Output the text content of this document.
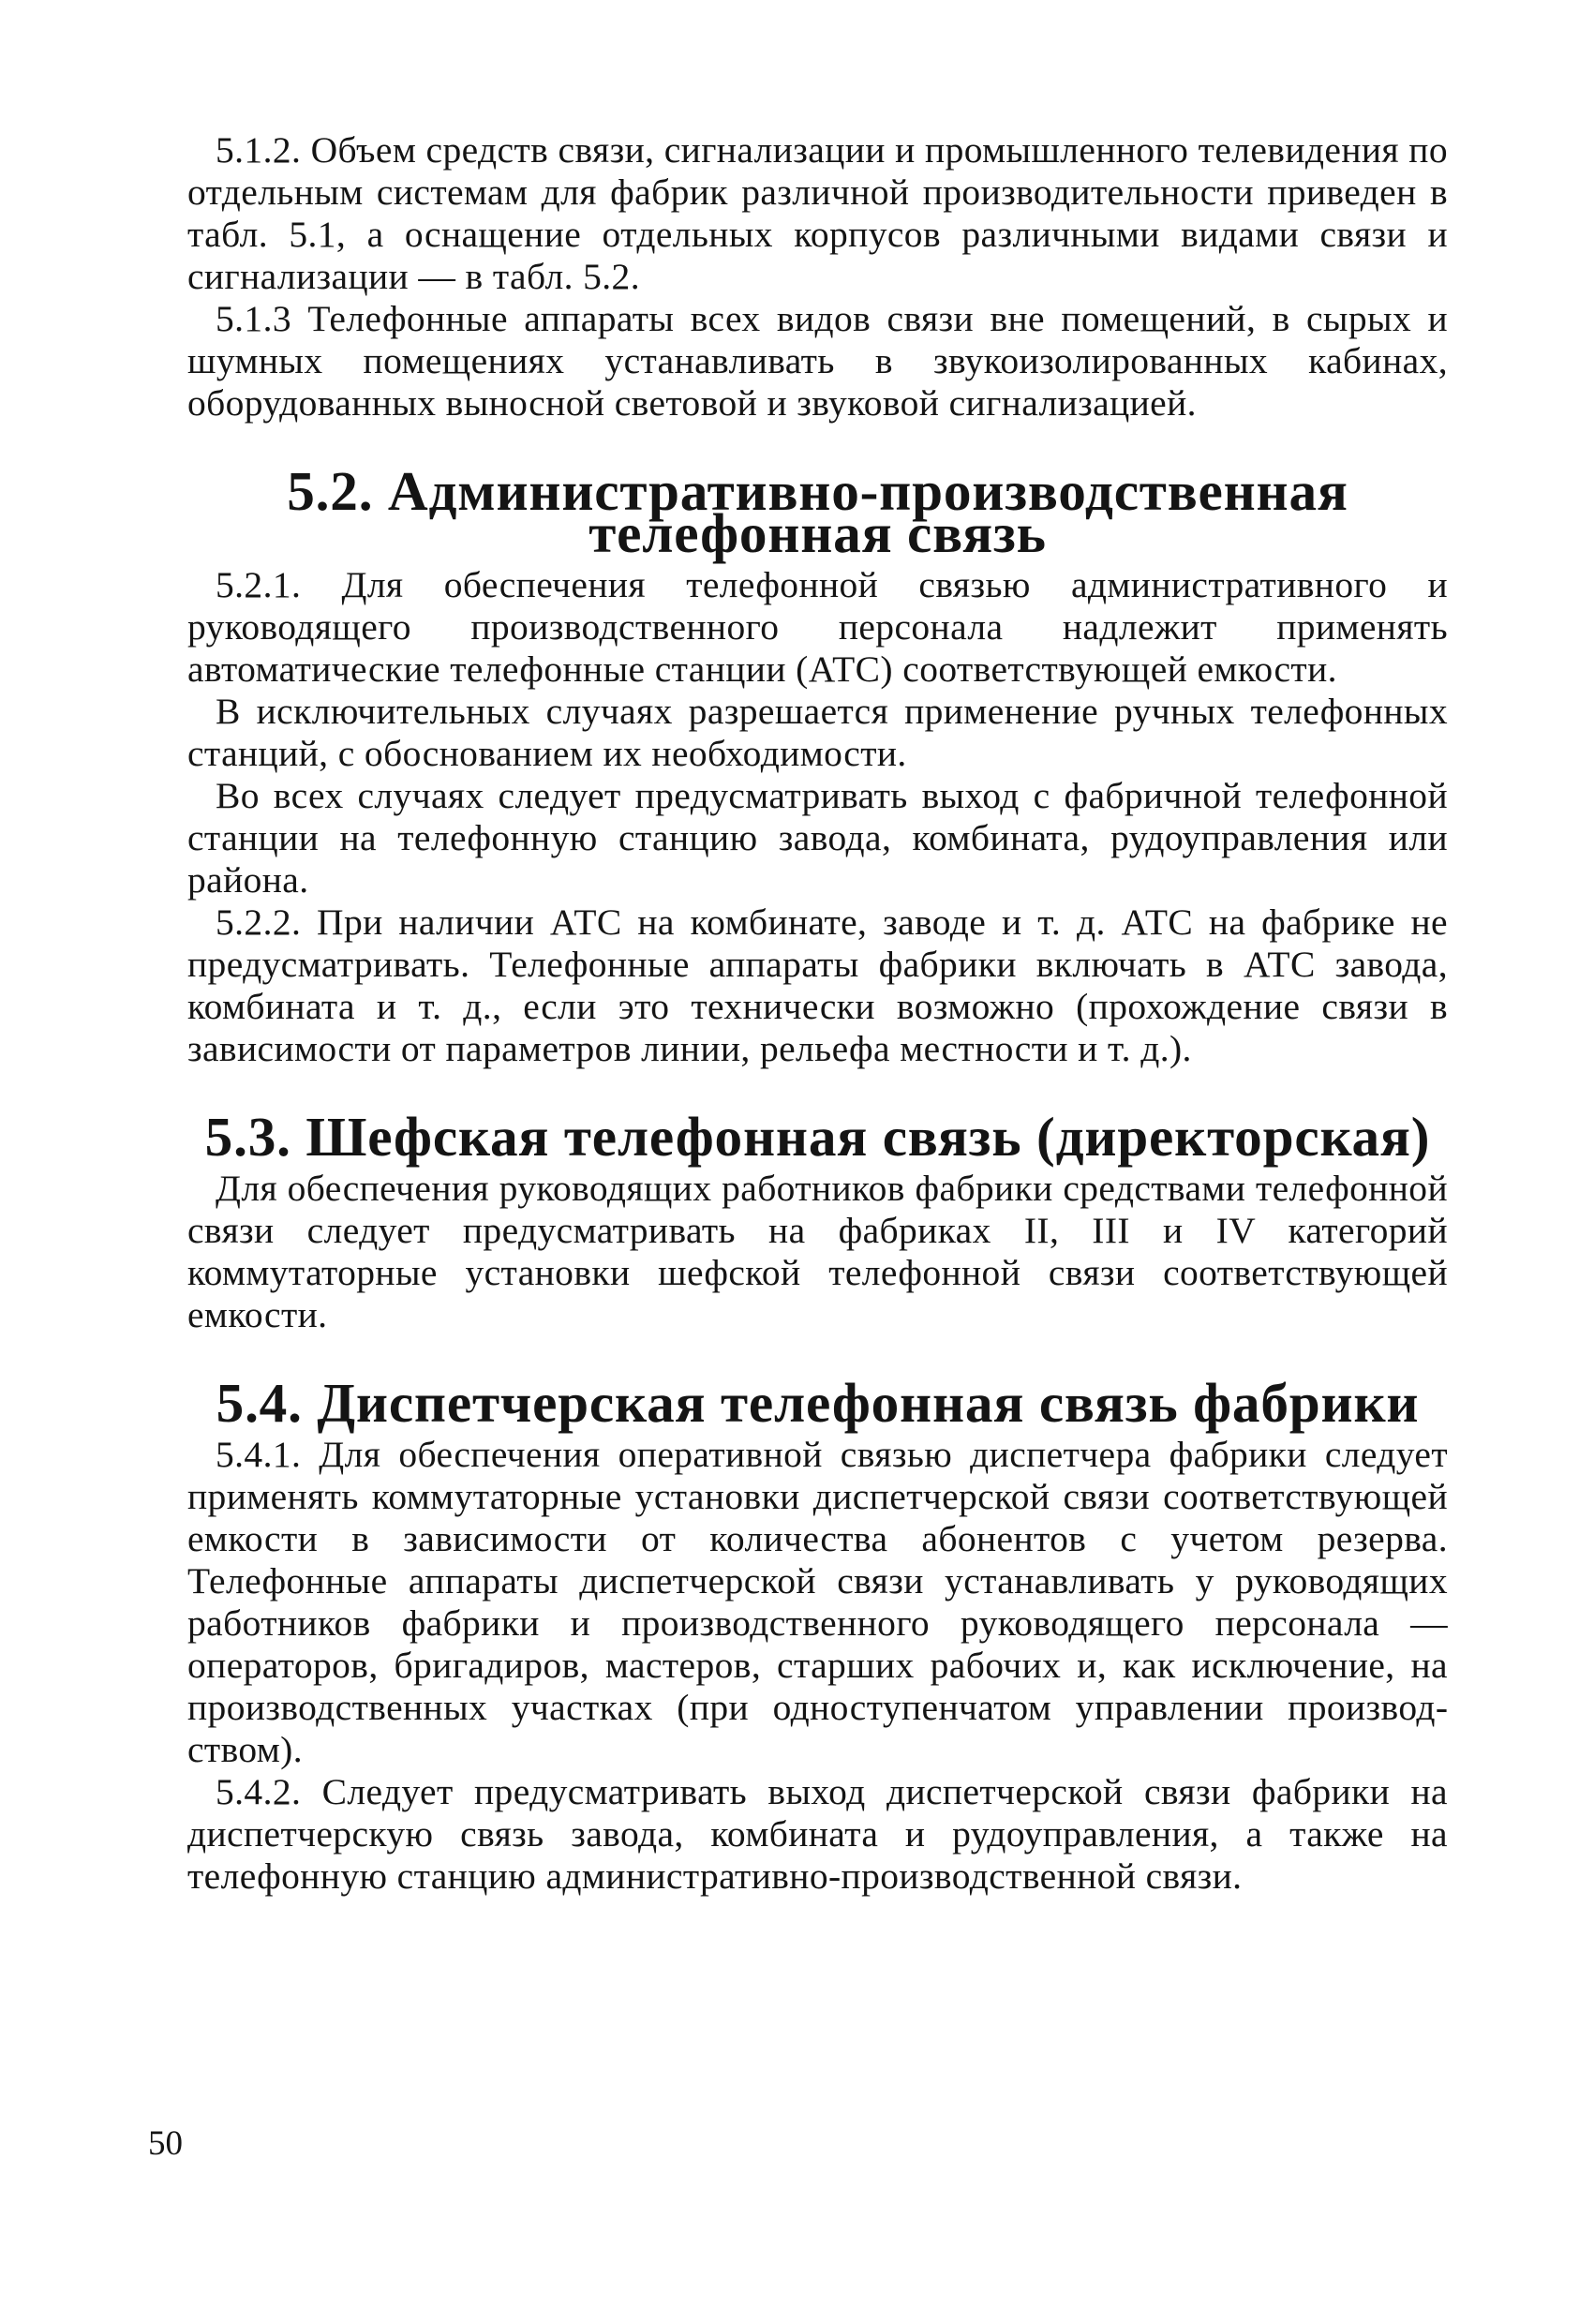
5.1.2. Объем средств связи, сигнализации и промышленного телевидения по отдельным системам для фабрик различной производительности приведен в табл. 5.1, а оснащение отдельных корпусов различными видами связи и сигнализации — в табл. 5.2.

5.1.3 Телефонные аппараты всех видов связи вне помещений, в сырых и шумных помещениях устанавливать в звукоизолированных кабинах, оборудованных выносной световой и звуковой сигнализацией.

5.2. Административно-производственная телефонная связь

5.2.1. Для обеспечения телефонной связью административного и руководящего производственного персонала надлежит применять автоматические телефонные станции (АТС) соответствующей емкости.

В исключительных случаях разрешается применение ручных телефонных станций, с обоснованием их необходимости.

Во всех случаях следует предусматривать выход с фабричной телефонной станции на телефонную станцию завода, комбината, рудоуправления или района.

5.2.2. При наличии АТС на комбинате, заводе и т. д. АТС на фабрике не предусматривать. Телефонные аппараты фабрики включать в АТС завода, комбината и т. д., если это технически возможно (прохождение связи в зависимости от параметров линии, рельефа местности и т. д.).

5.3. Шефская телефонная связь (директорская)

Для обеспечения руководящих работников фабрики средствами телефонной связи следует предусматривать на фабриках II, III и IV категорий коммутаторные установки шефской телефонной связи соответствующей емкости.

5.4. Диспетчерская телефонная связь фабрики

5.4.1. Для обеспечения оперативной связью диспетчера фабрики следует применять коммутаторные установки диспетчерской связи соответствующей емкости в зависимости от количества абонентов с учетом резерва. Телефонные аппараты диспетчерской связи устанавливать у руководящих работников фабрики и производственного руководящего персонала — операторов, бригадиров, мастеров, старших рабочих и, как исключение, на производственных участках (при одноступенчатом управлении производством).

5.4.2. Следует предусматривать выход диспетчерской связи фабрики на диспетчерскую связь завода, комбината и рудоуправления, а также на телефонную станцию административно-производственной связи.

50
